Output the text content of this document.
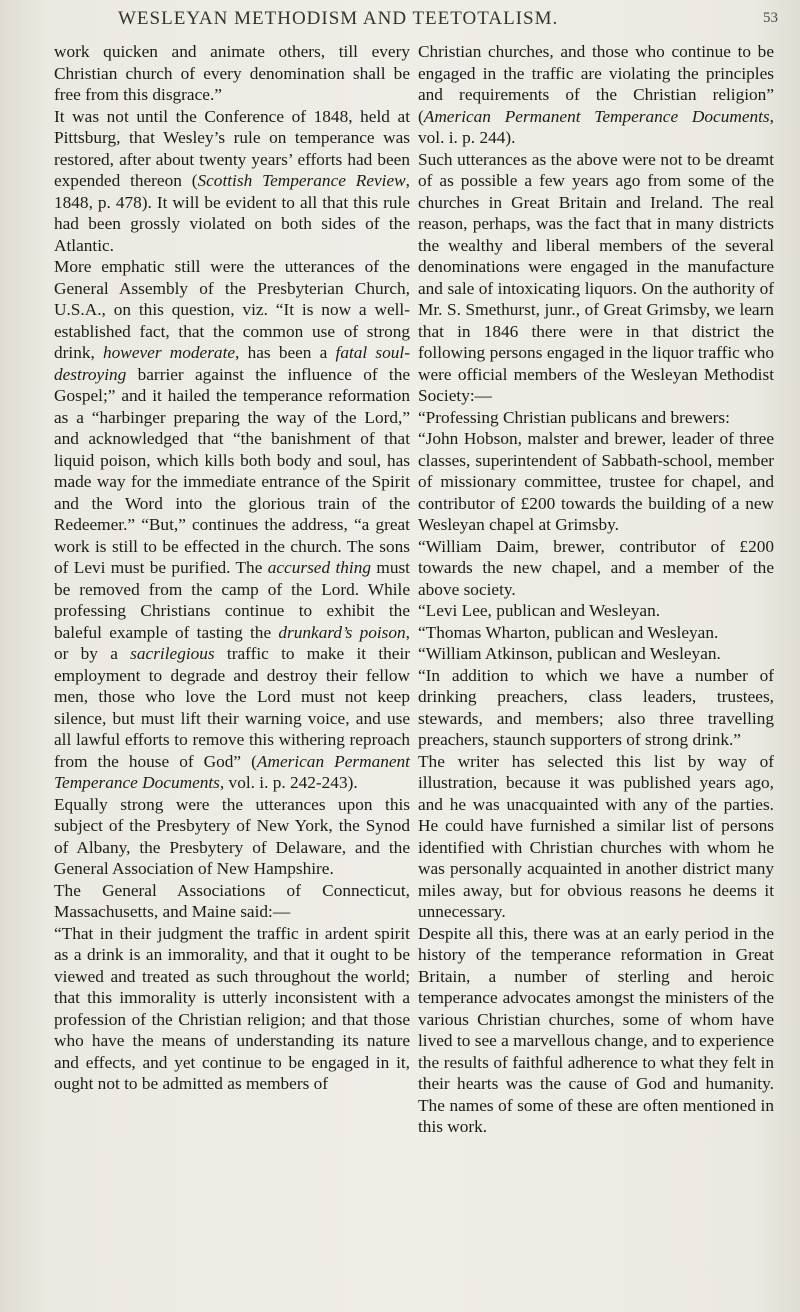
WESLEYAN METHODISM AND TEETOTALISM.	53

work quicken and animate others, till every Christian church of every denomination shall be free from this disgrace.”

It was not until the Conference of 1848, held at Pittsburg, that Wesley’s rule on temperance was restored, after about twenty years’ efforts had been expended thereon (Scottish Temperance Review, 1848, p. 478). It will be evident to all that this rule had been grossly violated on both sides of the Atlantic.

More emphatic still were the utterances of the General Assembly of the Presbyterian Church, U.S.A., on this question, viz. “It is now a well-established fact, that the common use of strong drink, however moderate, has been a fatal soul-destroying barrier against the influence of the Gospel;” and it hailed the temperance reformation as a “harbinger preparing the way of the Lord,” and acknowledged that “the banishment of that liquid poison, which kills both body and soul, has made way for the immediate entrance of the Spirit and the Word into the glorious train of the Redeemer.” “But,” continues the address, “a great work is still to be effected in the church. The sons of Levi must be purified. The accursed thing must be removed from the camp of the Lord. While professing Christians continue to exhibit the baleful example of tasting the drunkard’s poison, or by a sacrilegious traffic to make it their employment to degrade and destroy their fellow men, those who love the Lord must not keep silence, but must lift their warning voice, and use all lawful efforts to remove this withering reproach from the house of God” (American Permanent Temperance Documents, vol. i. p. 242-243).

Equally strong were the utterances upon this subject of the Presbytery of New York, the Synod of Albany, the Presbytery of Delaware, and the General Association of New Hampshire.

The General Associations of Connecticut, Massachusetts, and Maine said:—

“That in their judgment the traffic in ardent spirit as a drink is an immorality, and that it ought to be viewed and treated as such throughout the world; that this immorality is utterly inconsistent with a profession of the Christian religion; and that those who have the means of understanding its nature and effects, and yet continue to be engaged in it, ought not to be admitted as members of

Christian churches, and those who continue to be engaged in the traffic are violating the principles and requirements of the Christian religion” (American Permanent Temperance Documents, vol. i. p. 244).

Such utterances as the above were not to be dreamt of as possible a few years ago from some of the churches in Great Britain and Ireland. The real reason, perhaps, was the fact that in many districts the wealthy and liberal members of the several denominations were engaged in the manufacture and sale of intoxicating liquors. On the authority of Mr. S. Smethurst, junr., of Great Grimsby, we learn that in 1846 there were in that district the following persons engaged in the liquor traffic who were official members of the Wesleyan Methodist Society:—

“Professing Christian publicans and brewers:

“John Hobson, malster and brewer, leader of three classes, superintendent of Sabbath-school, member of missionary committee, trustee for chapel, and contributor of £200 towards the building of a new Wesleyan chapel at Grimsby.

“William Daim, brewer, contributor of £200 towards the new chapel, and a member of the above society.

“Levi Lee, publican and Wesleyan.

“Thomas Wharton, publican and Wesleyan.

“William Atkinson, publican and Wesleyan.

“In addition to which we have a number of drinking preachers, class leaders, trustees, stewards, and members; also three travelling preachers, staunch supporters of strong drink.”

The writer has selected this list by way of illustration, because it was published years ago, and he was unacquainted with any of the parties. He could have furnished a similar list of persons identified with Christian churches with whom he was personally acquainted in another district many miles away, but for obvious reasons he deems it unnecessary.

Despite all this, there was at an early period in the history of the temperance reformation in Great Britain, a number of sterling and heroic temperance advocates amongst the ministers of the various Christian churches, some of whom have lived to see a marvellous change, and to experience the results of faithful adherence to what they felt in their hearts was the cause of God and humanity. The names of some of these are often mentioned in this work.
